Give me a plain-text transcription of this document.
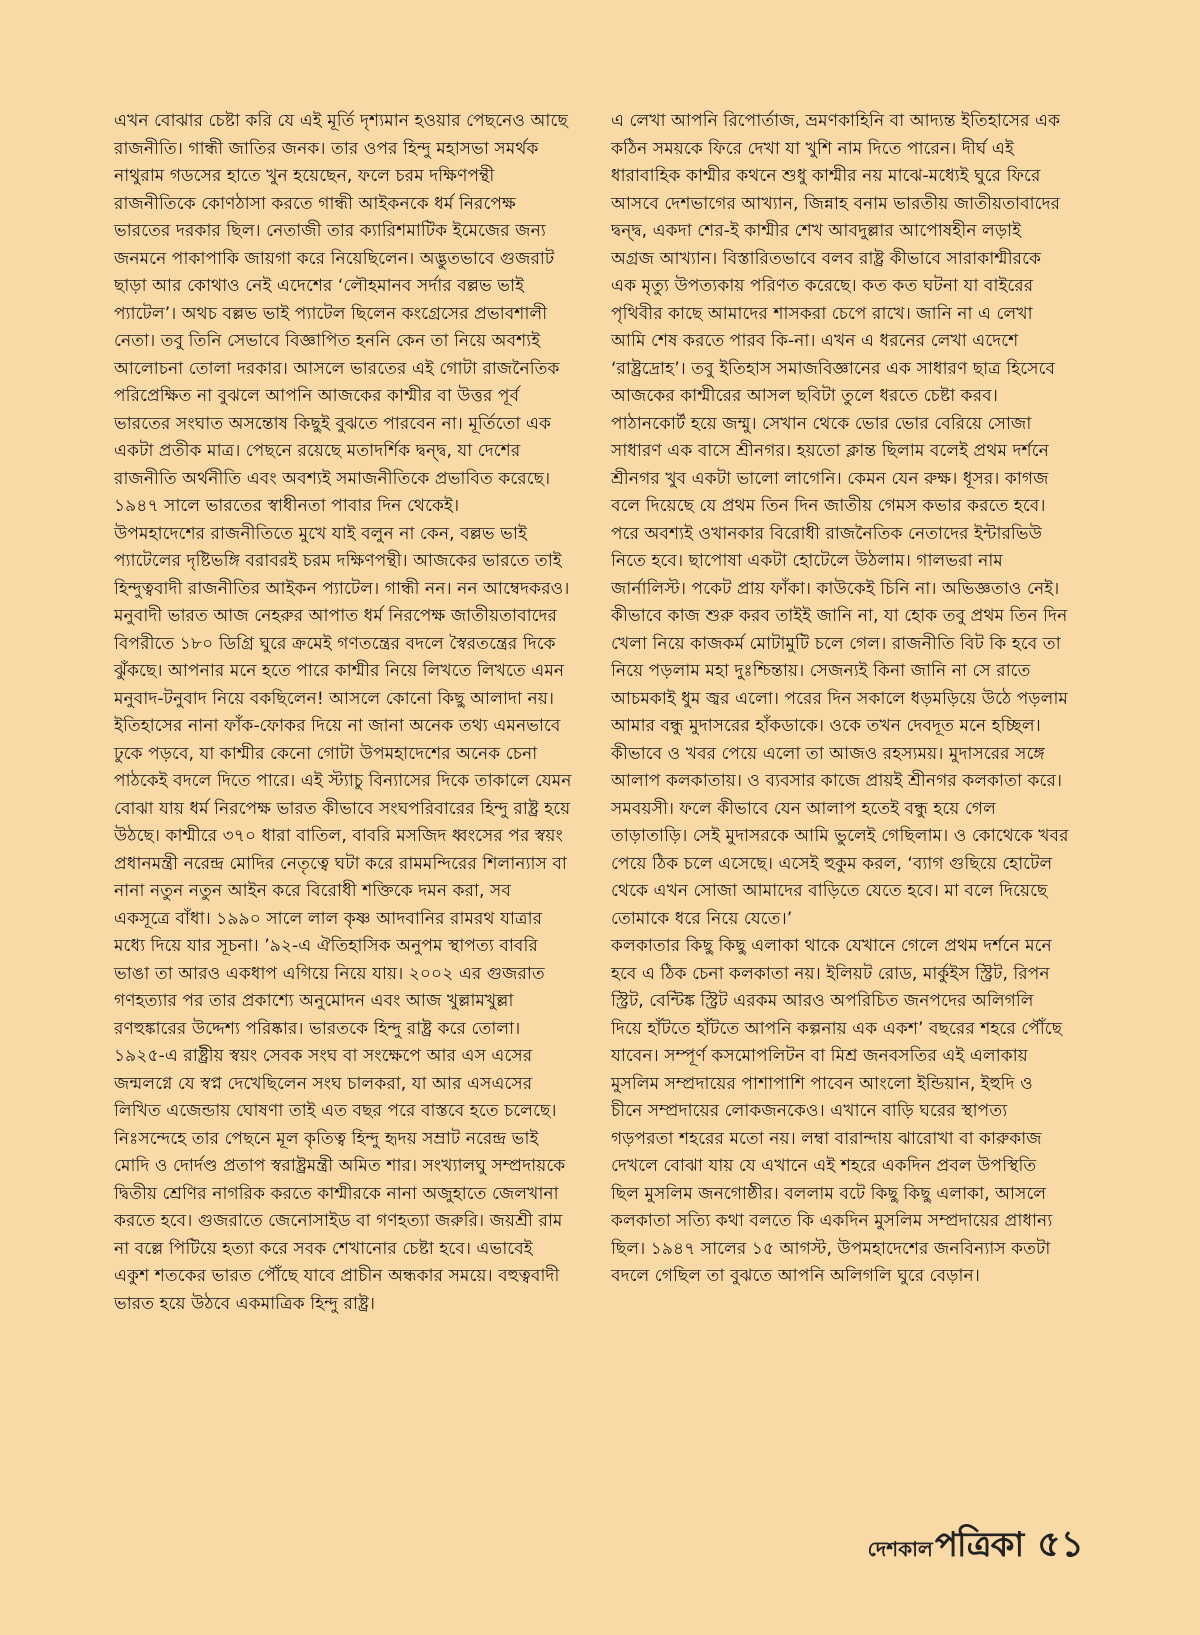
এখন বোঝার চেষ্টা করি যে এই মূর্তি দৃশ্যমান হওয়ার পেছনেও আছে রাজনীতি। গান্ধী জাতির জনক। তার ওপর হিন্দু মহাসভা সমর্থক নাথুরাম গডসের হাতে খুন হয়েছেন, ফলে চরম দক্ষিণপন্থী রাজনীতিকে কোণঠাসা করতে গান্ধী আইকনকে ধর্ম নিরপেক্ষ ভারতের দরকার ছিল। নেতাজী তার ক্যারিশমাটিক ইমেজের জন্য জনমনে পাকাপাকি জায়গা করে নিয়েছিলেন। অদ্ভুতভাবে গুজরাট ছাড়া আর কোথাও নেই এদেশের ‘লৌহমানব সর্দার বল্লভ ভাই প্যাটেল’। অথচ বল্লভ ভাই প্যাটেল ছিলেন কংগ্রেসের প্রভাবশালী নেতা। তবু তিনি সেভাবে বিজ্ঞাপিত হননি কেন তা নিয়ে অবশ্যই আলোচনা তোলা দরকার। আসলে ভারতের এই গোটা রাজনৈতিক পরিপ্রেক্ষিত না বুঝলে আপনি আজকের কাশ্মীর বা উত্তর পূর্ব ভারতের সংঘাত অসন্তোষ কিছুই বুঝতে পারবেন না। মূর্তিতো এক একটা প্রতীক মাত্র। পেছনে রয়েছে মতাদর্শিক দ্বন্দ্ব, যা দেশের রাজনীতি অর্থনীতি এবং অবশ্যই সমাজনীতিকে প্রভাবিত করেছে। ১৯৪৭ সালে ভারতের স্বাধীনতা পাবার দিন থেকেই।

উপমহাদেশের রাজনীতিতে মুখে যাই বলুন না কেন, বল্লভ ভাই প্যাটেলের দৃষ্টিভঙ্গি বরাবরই চরম দক্ষিণপন্থী। আজকের ভারতে তাই হিন্দুত্ববাদী রাজনীতির আইকন প্যাটেল। গান্ধী নন। নন আম্বেদকরও। মনুবাদী ভারত আজ নেহরুর আপাত ধর্ম নিরপেক্ষ জাতীয়তাবাদের বিপরীতে ১৮০ ডিগ্রি ঘুরে ক্রমেই গণতন্ত্রের বদলে স্বৈরতন্ত্রের দিকে ঝুঁকছে। আপনার মনে হতে পারে কাশ্মীর নিয়ে লিখতে লিখতে এমন মনুবাদ-টনুবাদ নিয়ে বকছিলেন! আসলে কোনো কিছু আলাদা নয়। ইতিহাসের নানা ফাঁক-ফোকর দিয়ে না জানা অনেক তথ্য এমনভাবে ঢুকে পড়বে, যা কাশ্মীর কেনো গোটা উপমহাদেশের অনেক চেনা পাঠকেই বদলে দিতে পারে। এই স্ট্যাচু বিন্যাসের দিকে তাকালে যেমন বোঝা যায় ধর্ম নিরপেক্ষ ভারত কীভাবে সংঘপরিবারের হিন্দু রাষ্ট্র হয়ে উঠছে। কাশ্মীরে ৩৭০ ধারা বাতিল, বাবরি মসজিদ ধ্বংসের পর স্বয়ং প্রধানমন্ত্রী নরেন্দ্র মোদির নেতৃত্বে ঘটা করে রামমন্দিরের শিলান্যাস বা নানা নতুন নতুন আইন করে বিরোধী শক্তিকে দমন করা, সব একসূত্রে বাঁধা। ১৯৯০ সালে লাল কৃষ্ণ আদবানির রামরথ যাত্রার মধ্যে দিয়ে যার সূচনা। ’৯২-এ ঐতিহাসিক অনুপম স্থাপত্য বাবরি ভাঙা তা আরও একধাপ এগিয়ে নিয়ে যায়। ২০০২ এর গুজরাত গণহত্যার পর তার প্রকাশ্যে অনুমোদন এবং আজ খুল্লামখুল্লা রণহুঙ্কারের উদ্দেশ্য পরিষ্কার। ভারতকে হিন্দু রাষ্ট্র করে তোলা। ১৯২৫-এ রাষ্ট্রীয় স্বয়ং সেবক সংঘ বা সংক্ষেপে আর এস এসের জন্মলগ্নে যে স্বপ্ন দেখেছিলেন সংঘ চালকরা, যা আর এসএসের লিখিত এজেন্ডায় ঘোষণা তাই এত বছর পরে বাস্তবে হতে চলেছে। নিঃসন্দেহে তার পেছনে মূল কৃতিত্ব হিন্দু হৃদয় সম্রাট নরেন্দ্র ভাই মোদি ও দোর্দণ্ড প্রতাপ স্বরাষ্ট্রমন্ত্রী অমিত শার। সংখ্যালঘু সম্প্রদায়কে দ্বিতীয় শ্রেণির নাগরিক করতে কাশ্মীরকে নানা অজুহাতে জেলখানা করতে হবে। গুজরাতে জেনোসাইড বা গণহত্যা জরুরি। জয়শ্রী রাম না বল্লে পিটিয়ে হত্যা করে সবক শেখানোর চেষ্টা হবে। এভাবেই একুশ শতকের ভারত পৌঁছে যাবে প্রাচীন অন্ধকার সময়ে। বহুত্ববাদী ভারত হয়ে উঠবে একমাত্রিক হিন্দু রাষ্ট্র।

এ লেখা আপনি রিপোর্তাজ, ভ্রমণকাহিনি বা আদ্যন্ত ইতিহাসের এক কঠিন সময়কে ফিরে দেখা যা খুশি নাম দিতে পারেন। দীর্ঘ এই ধারাবাহিক কাশ্মীর কথনে শুধু কাশ্মীর নয় মাঝে-মধ্যেই ঘুরে ফিরে আসবে দেশভাগের আখ্যান, জিন্নাহ বনাম ভারতীয় জাতীয়তাবাদের দ্বন্দ্ব, একদা শের-ই কাশ্মীর শেখ আবদুল্লার আপোষহীন লড়াই অগ্রজ আখ্যান। বিস্তারিতভাবে বলব রাষ্ট্র কীভাবে সারাকাশ্মীরকে এক মৃত্যু উপত্যকায় পরিণত করেছে। কত কত ঘটনা যা বাইরের পৃথিবীর কাছে আমাদের শাসকরা চেপে রাখে। জানি না এ লেখা আমি শেষ করতে পারব কি-না। এখন এ ধরনের লেখা এদেশে ‘রাষ্ট্রদ্রোহ’। তবু ইতিহাস সমাজবিজ্ঞানের এক সাধারণ ছাত্র হিসেবে আজকের কাশ্মীরের আসল ছবিটা তুলে ধরতে চেষ্টা করব। পাঠানকোর্ট হয়ে জম্মু। সেখান থেকে ভোর ভোর বেরিয়ে সোজা সাধারণ এক বাসে শ্রীনগর। হয়তো ক্লান্ত ছিলাম বলেই প্রথম দর্শনে শ্রীনগর খুব একটা ভালো লাগেনি। কেমন যেন রুক্ষ। ধূসর। কাগজ বলে দিয়েছে যে প্রথম তিন দিন জাতীয় গেমস কভার করতে হবে। পরে অবশ্যই ওখানকার বিরোধী রাজনৈতিক নেতাদের ইন্টারভিউ নিতে হবে। ছাপোষা একটা হোটেলে উঠলাম। গালভরা নাম জার্নালিস্ট। পকেট প্রায় ফাঁকা। কাউকেই চিনি না। অভিজ্ঞতাও নেই। কীভাবে কাজ শুরু করব তাইই জানি না, যা হোক তবু প্রথম তিন দিন খেলা নিয়ে কাজকর্ম মোটামুটি চলে গেল। রাজনীতি বিট কি হবে তা নিয়ে পড়লাম মহা দুঃশ্চিন্তায়। সেজন্যই কিনা জানি না সে রাতে আচমকাই ধুম জ্বর এলো। পরের দিন সকালে ধড়মড়িয়ে উঠে পড়লাম আমার বন্ধু মুদাসরের হাঁকডাকে। ওকে তখন দেবদূত মনে হচ্ছিল। কীভাবে ও খবর পেয়ে এলো তা আজও রহস্যময়। মুদাসরের সঙ্গে আলাপ কলকাতায়। ও ব্যবসার কাজে প্রায়ই শ্রীনগর কলকাতা করে। সমবয়সী। ফলে কীভাবে যেন আলাপ হতেই বন্ধু হয়ে গেল তাড়াতাড়ি। সেই মুদাসরকে আমি ভুলেই গেছিলাম। ও কোথেকে খবর পেয়ে ঠিক চলে এসেছে। এসেই হুকুম করল, ‘ব্যাগ গুছিয়ে হোটেল থেকে এখন সোজা আমাদের বাড়িতে যেতে হবে। মা বলে দিয়েছে তোমাকে ধরে নিয়ে যেতে।’

কলকাতার কিছু কিছু এলাকা থাকে যেখানে গেলে প্রথম দর্শনে মনে হবে এ ঠিক চেনা কলকাতা নয়। ইলিয়ট রোড, মার্কুইস স্ট্রিট, রিপন স্ট্রিট, বেন্টিঙ্ক স্ট্রিট এরকম আরও অপরিচিত জনপদের অলিগলি দিয়ে হাঁটতে হাঁটতে আপনি কল্পনায় এক একশ’ বছরের শহরে পৌঁছে যাবেন। সম্পূর্ণ কসমোপলিটন বা মিশ্র জনবসতির এই এলাকায় মুসলিম সম্প্রদায়ের পাশাপাশি পাবেন আংলো ইন্ডিয়ান, ইহুদি ও চীনে সম্প্রদায়ের লোকজনকেও। এখানে বাড়ি ঘরের স্থাপত্য গড়পরতা শহরের মতো নয়। লম্বা বারান্দায় ঝারোখা বা কারুকাজ দেখলে বোঝা যায় যে এখানে এই শহরে একদিন প্রবল উপস্থিতি ছিল মুসলিম জনগোষ্ঠীর। বললাম বটে কিছু কিছু এলাকা, আসলে কলকাতা সত্যি কথা বলতে কি একদিন মুসলিম সম্প্রদায়ের প্রাধান্য ছিল। ১৯৪৭ সালের ১৫ আগস্ট, উপমহাদেশের জনবিন্যাস কতটা বদলে গেছিল তা বুঝতে আপনি অলিগলি ঘুরে বেড়ান।

দেশকাল পত্রিকা ৫১
